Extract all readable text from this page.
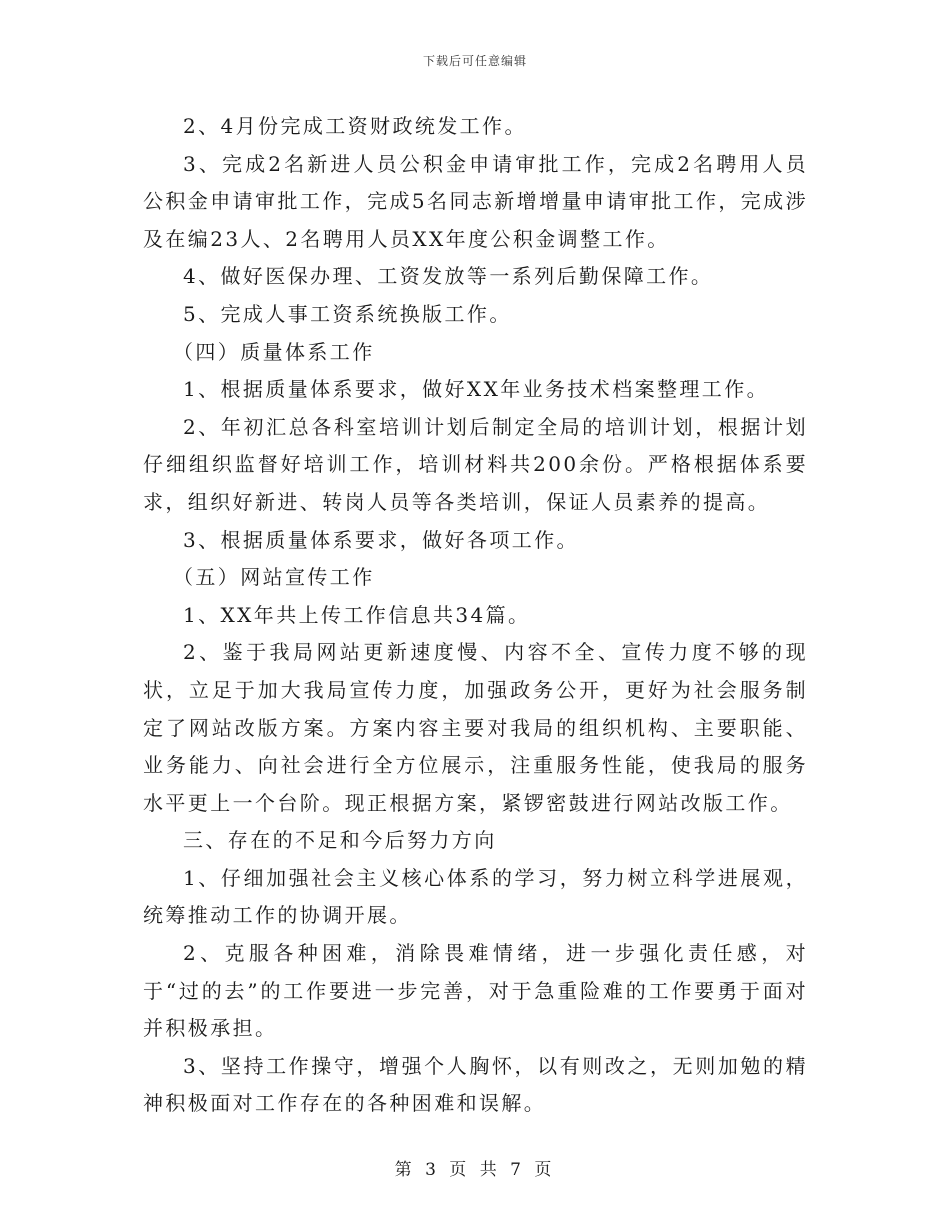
下载后可任意编辑

2、4月份完成工资财政统发工作。

3、完成2名新进人员公积金申请审批工作，完成2名聘用人员公积金申请审批工作，完成5名同志新增增量申请审批工作，完成涉及在编23人、2名聘用人员XX年度公积金调整工作。

4、做好医保办理、工资发放等一系列后勤保障工作。

5、完成人事工资系统换版工作。

（四）质量体系工作

1、根据质量体系要求，做好XX年业务技术档案整理工作。

2、年初汇总各科室培训计划后制定全局的培训计划，根据计划仔细组织监督好培训工作，培训材料共200余份。严格根据体系要求，组织好新进、转岗人员等各类培训，保证人员素养的提高。

3、根据质量体系要求，做好各项工作。

（五）网站宣传工作

1、XX年共上传工作信息共34篇。

2、鉴于我局网站更新速度慢、内容不全、宣传力度不够的现状，立足于加大我局宣传力度，加强政务公开，更好为社会服务制定了网站改版方案。方案内容主要对我局的组织机构、主要职能、业务能力、向社会进行全方位展示，注重服务性能，使我局的服务水平更上一个台阶。现正根据方案，紧锣密鼓进行网站改版工作。

三、存在的不足和今后努力方向

1、仔细加强社会主义核心体系的学习，努力树立科学进展观，统筹推动工作的协调开展。

2、克服各种困难，消除畏难情绪，进一步强化责任感，对于“过的去”的工作要进一步完善，对于急重险难的工作要勇于面对并积极承担。

3、坚持工作操守，增强个人胸怀，以有则改之，无则加勉的精神积极面对工作存在的各种困难和误解。

第 3 页 共 7 页
